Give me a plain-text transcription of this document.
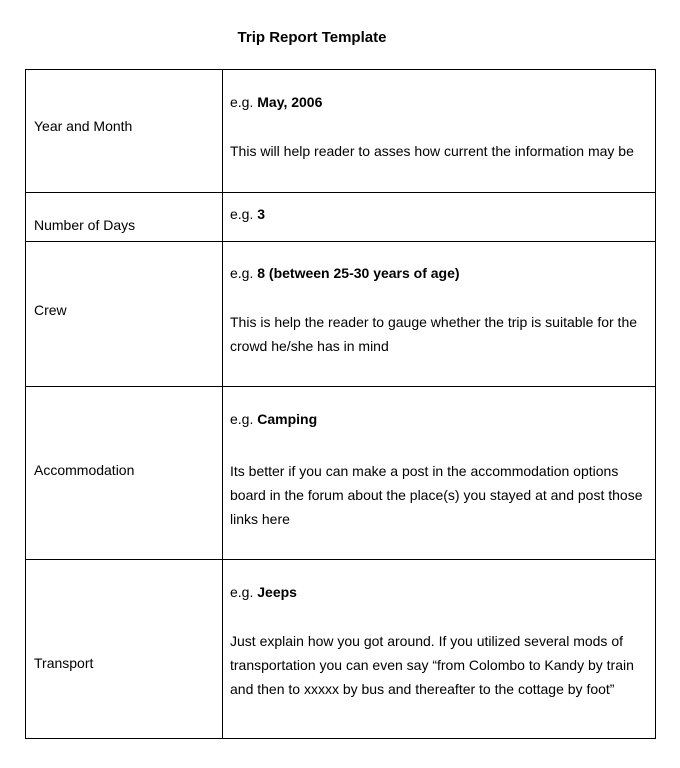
Trip Report Template
Year and Month
e.g. May, 2006
This will help reader to asses how current the information may be
Number of Days
e.g. 3
Crew
e.g. 8 (between 25-30 years of age)
This is help the reader to gauge whether the trip is suitable for the
crowd he/she has in mind
Accommodation
e.g. Camping
Its better if you can make a post in the accommodation options
board in the forum about the place(s) you stayed at and post those
links here
Transport
e.g. Jeeps
Just explain how you got around. If you utilized several mods of
transportation you can even say “from Colombo to Kandy by train
and then to xxxxx by bus and thereafter to the cottage by foot”
